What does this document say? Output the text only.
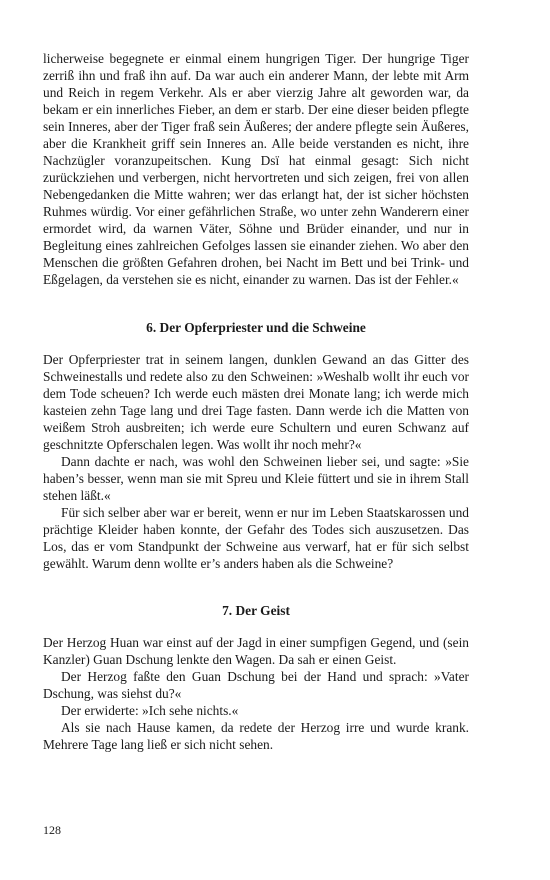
licherweise begegnete er einmal einem hungrigen Tiger. Der hungrige Tiger zerriß ihn und fraß ihn auf. Da war auch ein anderer Mann, der lebte mit Arm und Reich in regem Verkehr. Als er aber vierzig Jahre alt geworden war, da bekam er ein innerliches Fieber, an dem er starb. Der eine dieser beiden pflegte sein Inneres, aber der Tiger fraß sein Äußeres; der andere pflegte sein Äußeres, aber die Krankheit griff sein Inneres an. Alle beide verstanden es nicht, ihre Nachzügler voranzupeitschen. Kung Dsï hat einmal gesagt: Sich nicht zurückziehen und verbergen, nicht hervortreten und sich zeigen, frei von allen Nebengedanken die Mitte wahren; wer das erlangt hat, der ist sicher höchsten Ruhmes würdig. Vor einer gefährlichen Straße, wo unter zehn Wanderern einer ermordet wird, da warnen Väter, Söhne und Brüder einander, und nur in Begleitung eines zahlreichen Gefolges lassen sie einander ziehen. Wo aber den Menschen die größten Gefahren drohen, bei Nacht im Bett und bei Trink- und Eßgelagen, da verstehen sie es nicht, einander zu warnen. Das ist der Fehler.«

6. Der Opferpriester und die Schweine

Der Opferpriester trat in seinem langen, dunklen Gewand an das Gitter des Schweinestalls und redete also zu den Schweinen: »Weshalb wollt ihr euch vor dem Tode scheuen? Ich werde euch mästen drei Monate lang; ich werde mich kasteien zehn Tage lang und drei Tage fasten. Dann werde ich die Matten von weißem Stroh ausbreiten; ich werde eure Schultern und euren Schwanz auf geschnitzte Opferschalen legen. Was wollt ihr noch mehr?«

Dann dachte er nach, was wohl den Schweinen lieber sei, und sagte: »Sie haben’s besser, wenn man sie mit Spreu und Kleie füttert und sie in ihrem Stall stehen läßt.«

Für sich selber aber war er bereit, wenn er nur im Leben Staatskarossen und prächtige Kleider haben konnte, der Gefahr des Todes sich auszusetzen. Das Los, das er vom Standpunkt der Schweine aus verwarf, hat er für sich selbst gewählt. Warum denn wollte er’s anders haben als die Schweine?

7. Der Geist

Der Herzog Huan war einst auf der Jagd in einer sumpfigen Gegend, und (sein Kanzler) Guan Dschung lenkte den Wagen. Da sah er einen Geist.

Der Herzog faßte den Guan Dschung bei der Hand und sprach: »Vater Dschung, was siehst du?«

Der erwiderte: »Ich sehe nichts.«

Als sie nach Hause kamen, da redete der Herzog irre und wurde krank. Mehrere Tage lang ließ er sich nicht sehen.

128
